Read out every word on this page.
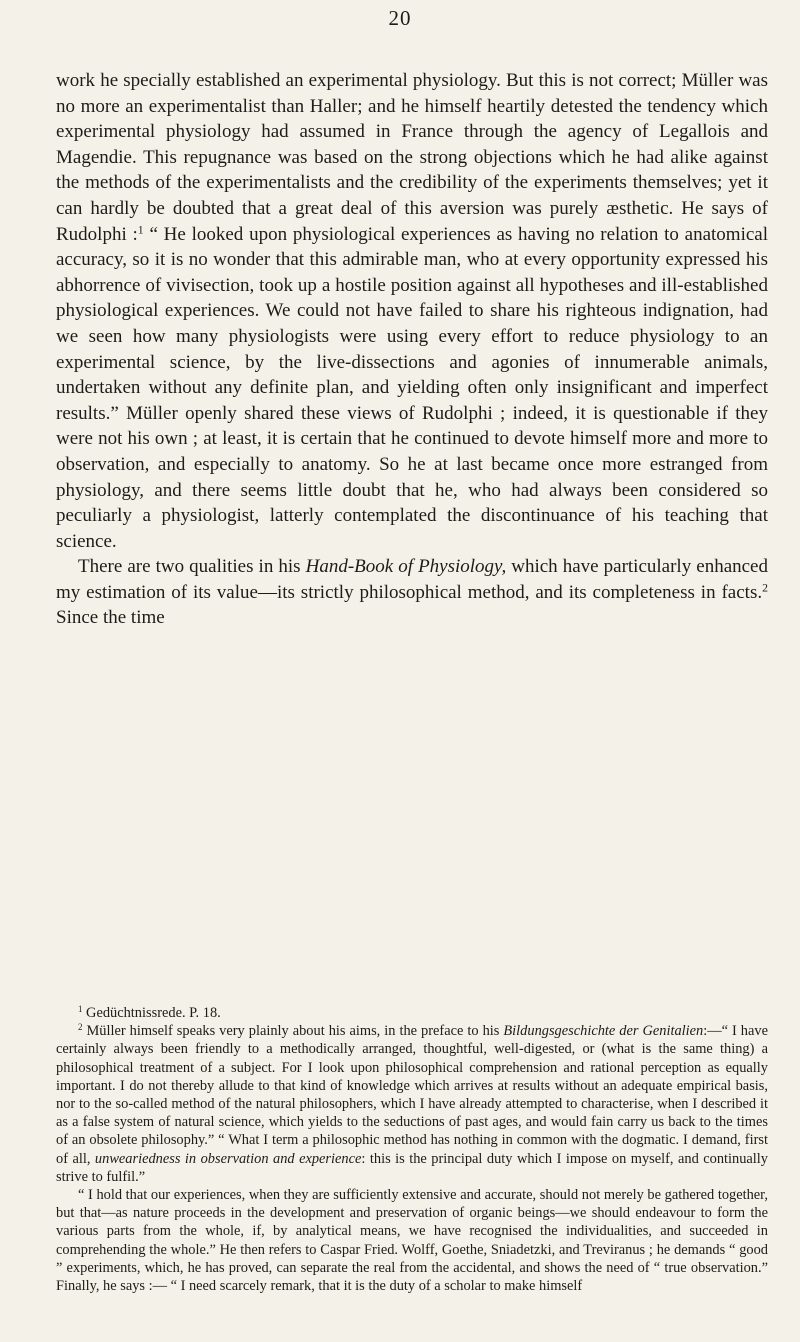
20

work he specially established an experimental physiology. But this is not correct; Müller was no more an experimentalist than Haller; and he himself heartily detested the tendency which experimental physiology had assumed in France through the agency of Legallois and Magendie. This repugnance was based on the strong objections which he had alike against the methods of the experimentalists and the credibility of the experiments themselves; yet it can hardly be doubted that a great deal of this aversion was purely æsthetic. He says of Rudolphi :$^1$ “ He looked upon physiological experiences as having no relation to anatomical accuracy, so it is no wonder that this admirable man, who at every opportunity expressed his abhorrence of vivisection, took up a hostile position against all hypotheses and ill-established physiological experiences. We could not have failed to share his righteous indignation, had we seen how many physiologists were using every effort to reduce physiology to an experimental science, by the live-dissections and agonies of innumerable animals, undertaken without any definite plan, and yielding often only insignificant and imperfect results.” Müller openly shared these views of Rudolphi ; indeed, it is questionable if they were not his own ; at least, it is certain that he continued to devote himself more and more to observation, and especially to anatomy. So he at last became once more estranged from physiology, and there seems little doubt that he, who had always been considered so peculiarly a physiologist, latterly contemplated the discontinuance of his teaching that science.

There are two qualities in his Hand-Book of Physiology, which have particularly enhanced my estimation of its value—its strictly philosophical method, and its completeness in facts.$^2$ Since the time

$^1$ Gedüchtnissrede. P. 18.

$^2$ Müller himself speaks very plainly about his aims, in the preface to his Bildungsgeschichte der Genitalien:—“ I have certainly always been friendly to a methodically arranged, thoughtful, well-digested, or (what is the same thing) a philosophical treatment of a subject. For I look upon philosophical comprehension and rational perception as equally important. I do not thereby allude to that kind of knowledge which arrives at results without an adequate empirical basis, nor to the so-called method of the natural philosophers, which I have already attempted to characterise, when I described it as a false system of natural science, which yields to the seductions of past ages, and would fain carry us back to the times of an obsolete philosophy.” “ What I term a philosophic method has nothing in common with the dogmatic. I demand, first of all, unweariedness in observation and experience: this is the principal duty which I impose on myself, and continually strive to fulfil.”

“ I hold that our experiences, when they are sufficiently extensive and accurate, should not merely be gathered together, but that—as nature proceeds in the development and preservation of organic beings—we should endeavour to form the various parts from the whole, if, by analytical means, we have recognised the individualities, and succeeded in comprehending the whole.” He then refers to Caspar Fried. Wolff, Goethe, Sniadetzki, and Treviranus ; he demands “ good ” experiments, which, he has proved, can separate the real from the accidental, and shows the need of “ true observation.” Finally, he says :— “ I need scarcely remark, that it is the duty of a scholar to make himself
